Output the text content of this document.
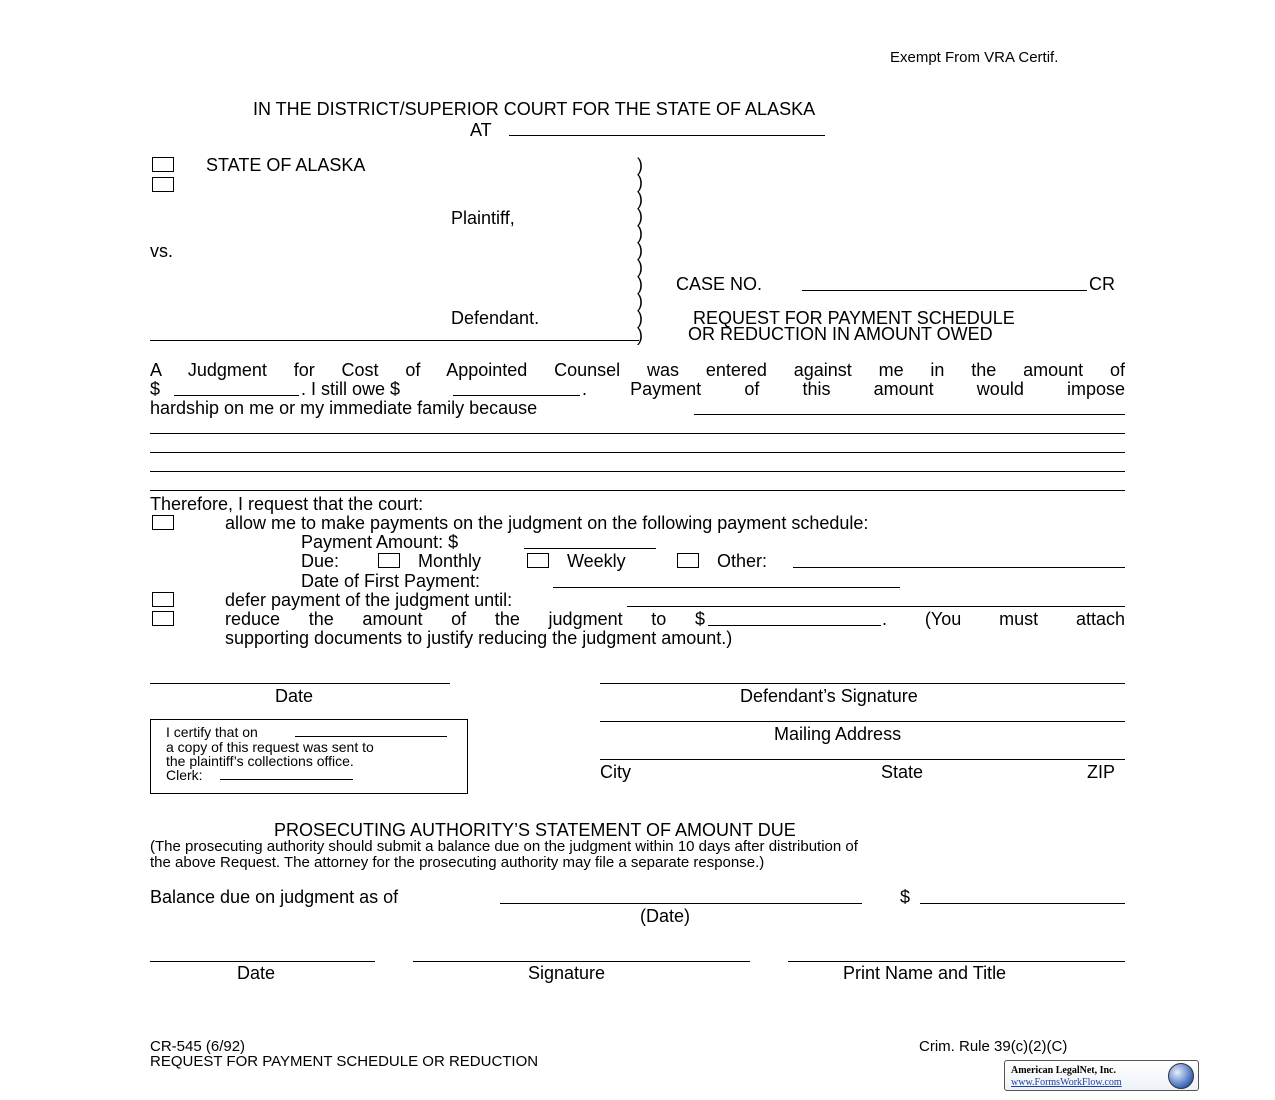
Exempt From VRA Certif.
IN THE DISTRICT/SUPERIOR COURT FOR THE STATE OF ALASKA
AT
STATE OF ALASKA
Plaintiff,
vs.
Defendant.
)
)
)
)
)
)
)
)
)
)
)
CASE NO.	CR
REQUEST FOR PAYMENT SCHEDULE
OR REDUCTION IN AMOUNT OWED
A Judgment for Cost of Appointed Counsel was entered against me in the amount of
$	. I still owe $	. Payment of this amount would impose
hardship on me or my immediate family because
Therefore, I request that the court:
allow me to make payments on the judgment on the following payment schedule:
Payment Amount: $
Due:	Monthly	Weekly	Other:
Date of First Payment:
defer payment of the judgment until:
reduce the amount of the judgment to $	. (You must attach
supporting documents to justify reducing the judgment amount.)
Date	Defendant’s Signature
Mailing Address
City	State	ZIP
I certify that on
a copy of this request was sent to
the plaintiff’s collections office.
Clerk:
PROSECUTING AUTHORITY’S STATEMENT OF AMOUNT DUE
(The prosecuting authority should submit a balance due on the judgment within 10 days after distribution of
the above Request. The attorney for the prosecuting authority may file a separate response.)
Balance due on judgment as of	$
(Date)
Date	Signature	Print Name and Title
CR-545 (6/92)
REQUEST FOR PAYMENT SCHEDULE OR REDUCTION
Crim. Rule 39(c)(2)(C)
American LegalNet, Inc.
www.FormsWorkFlow.com
